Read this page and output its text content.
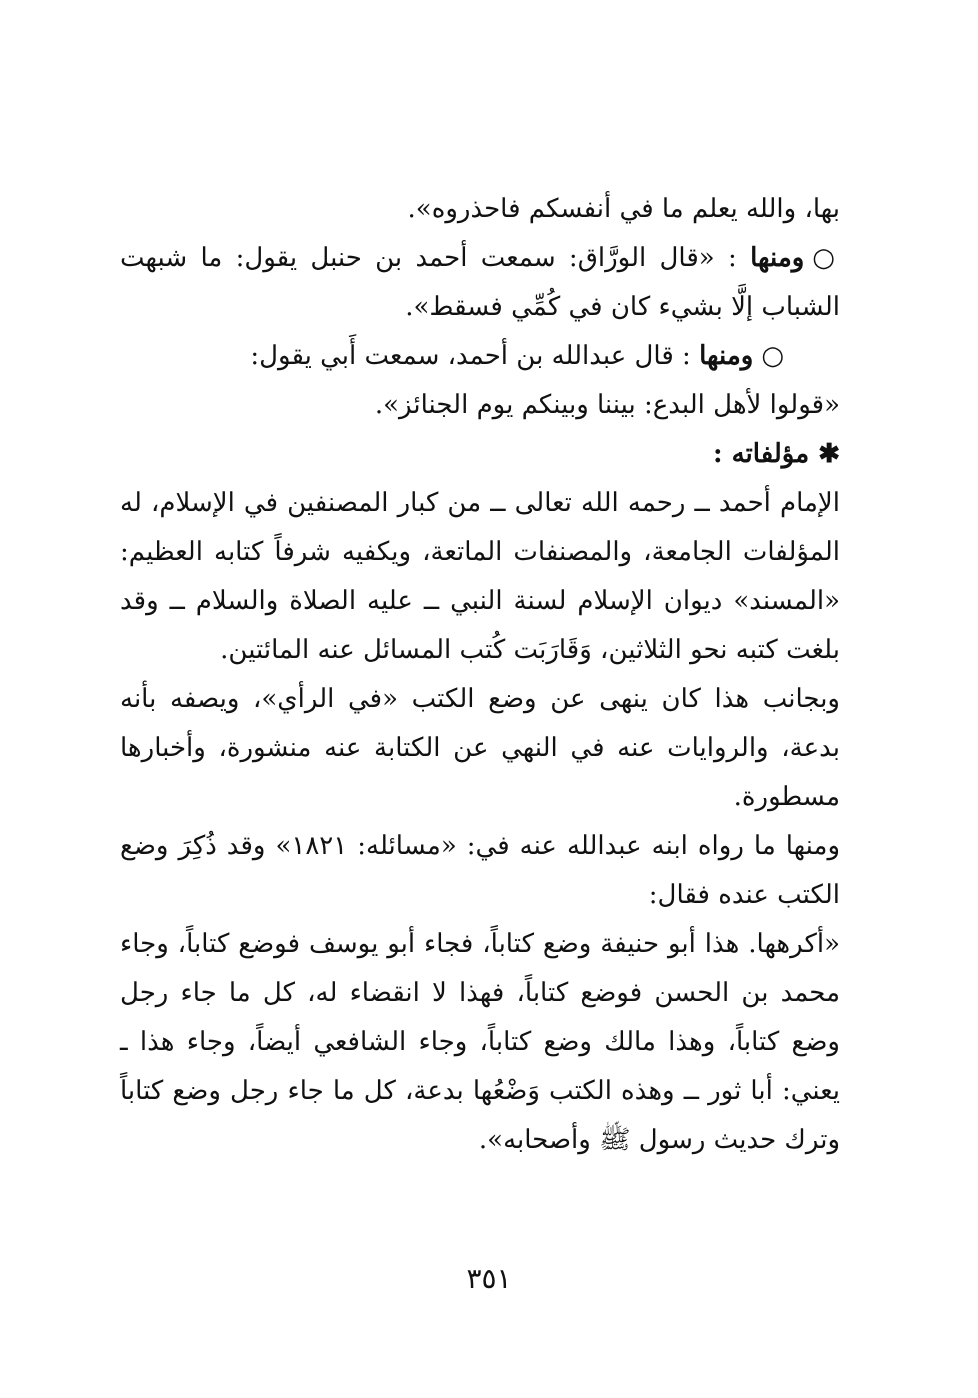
بها، والله يعلم ما في أنفسكم فاحذروه».

○ومنها : «قال الورَّاق: سمعت أحمد بن حنبل يقول: ما شبهت الشباب إلَّا بشيء كان في كُمِّي فسقط».

○ومنها : قال عبدالله بن أحمد، سمعت أَبي يقول:

«قولوا لأهل البدع: بيننا وبينكم يوم الجنائز».

✱ مؤلفاته :

الإمام أحمد ــ رحمه الله تعالى ــ من كبار المصنفين في الإسلام، له المؤلفات الجامعة، والمصنفات الماتعة، ويكفيه شرفاً كتابه العظيم: «المسند» ديوان الإسلام لسنة النبي ــ عليه الصلاة والسلام ــ وقد بلغت كتبه نحو الثلاثين، وَقَارَبَت كُتب المسائل عنه المائتين.

وبجانب هذا كان ينهى عن وضع الكتب «في الرأي»، ويصفه بأنه بدعة، والروايات عنه في النهي عن الكتابة عنه منشورة، وأخبارها مسطورة.

ومنها ما رواه ابنه عبدالله عنه في: «مسائله: ١٨٢١» وقد ذُكِرَ وضع الكتب عنده فقال:

«أكرهها. هذا أبو حنيفة وضع كتاباً، فجاء أبو يوسف فوضع كتاباً، وجاء محمد بن الحسن فوضع كتاباً، فهذا لا انقضاء له، كل ما جاء رجل وضع كتاباً، وهذا مالك وضع كتاباً، وجاء الشافعي أيضاً، وجاء هذا ـ يعني: أبا ثور ــ وهذه الكتب وَضْعُها بدعة، كل ما جاء رجل وضع كتاباً وترك حديث رسول ﷺ وأصحابه».

٣٥١
